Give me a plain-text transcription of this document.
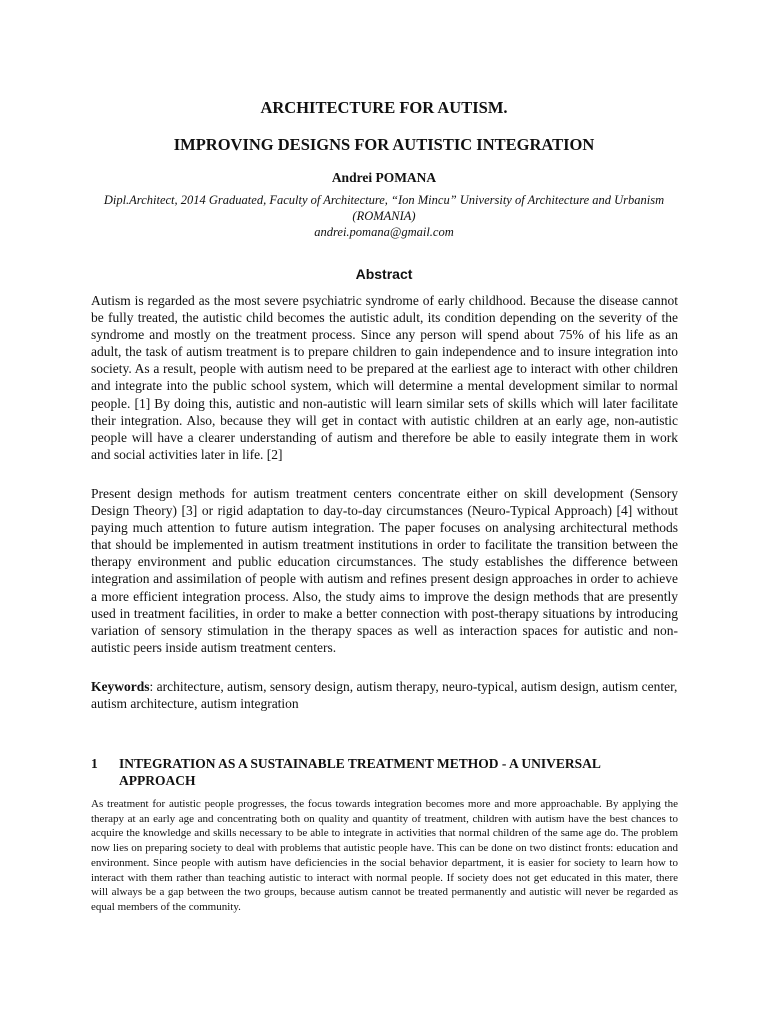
ARCHITECTURE FOR AUTISM.
IMPROVING DESIGNS FOR AUTISTIC INTEGRATION

Andrei POMANA

Dipl.Architect, 2014 Graduated, Faculty of Architecture, “Ion Mincu” University of Architecture and Urbanism (ROMANIA)

andrei.pomana@gmail.com

Abstract

Autism is regarded as the most severe psychiatric syndrome of early childhood. Because the disease cannot be fully treated, the autistic child becomes the autistic adult, its condition depending on the severity of the syndrome and mostly on the treatment process. Since any person will spend about 75% of his life as an adult, the task of autism treatment is to prepare children to gain independence and to insure integration into society. As a result, people with autism need to be prepared at the earliest age to interact with other children and integrate into the public school system, which will determine a mental development similar to normal people. [1] By doing this, autistic and non-autistic will learn similar sets of skills which will later facilitate their integration. Also, because they will get in contact with autistic children at an early age, non-autistic people will have a clearer understanding of autism and therefore be able to easily integrate them in work and social activities later in life. [2]

Present design methods for autism treatment centers concentrate either on skill development (Sensory Design Theory) [3] or rigid adaptation to day-to-day circumstances (Neuro-Typical Approach) [4] without paying much attention to future autism integration. The paper focuses on analysing architectural methods that should be implemented in autism treatment institutions in order to facilitate the transition between the therapy environment and public education circumstances. The study establishes the difference between integration and assimilation of people with autism and refines present design approaches in order to achieve a more efficient integration process. Also, the study aims to improve the design methods that are presently used in treatment facilities, in order to make a better connection with post-therapy situations by introducing variation of sensory stimulation in the therapy spaces as well as interaction spaces for autistic and non-autistic peers inside autism treatment centers.

Keywords: architecture, autism, sensory design, autism therapy, neuro-typical, autism design, autism center, autism architecture, autism integration

1 INTEGRATION AS A SUSTAINABLE TREATMENT METHOD - A UNIVERSAL APPROACH

As treatment for autistic people progresses, the focus towards integration becomes more and more approachable. By applying the therapy at an early age and concentrating both on quality and quantity of treatment, children with autism have the best chances to acquire the knowledge and skills necessary to be able to integrate in activities that normal children of the same age do. The problem now lies on preparing society to deal with problems that autistic people have. This can be done on two distinct fronts: education and environment. Since people with autism have deficiencies in the social behavior department, it is easier for society to learn how to interact with them rather than teaching autistic to interact with normal people. If society does not get educated in this mater, there will always be a gap between the two groups, because autism cannot be treated permanently and autistic will never be regarded as equal members of the community.
